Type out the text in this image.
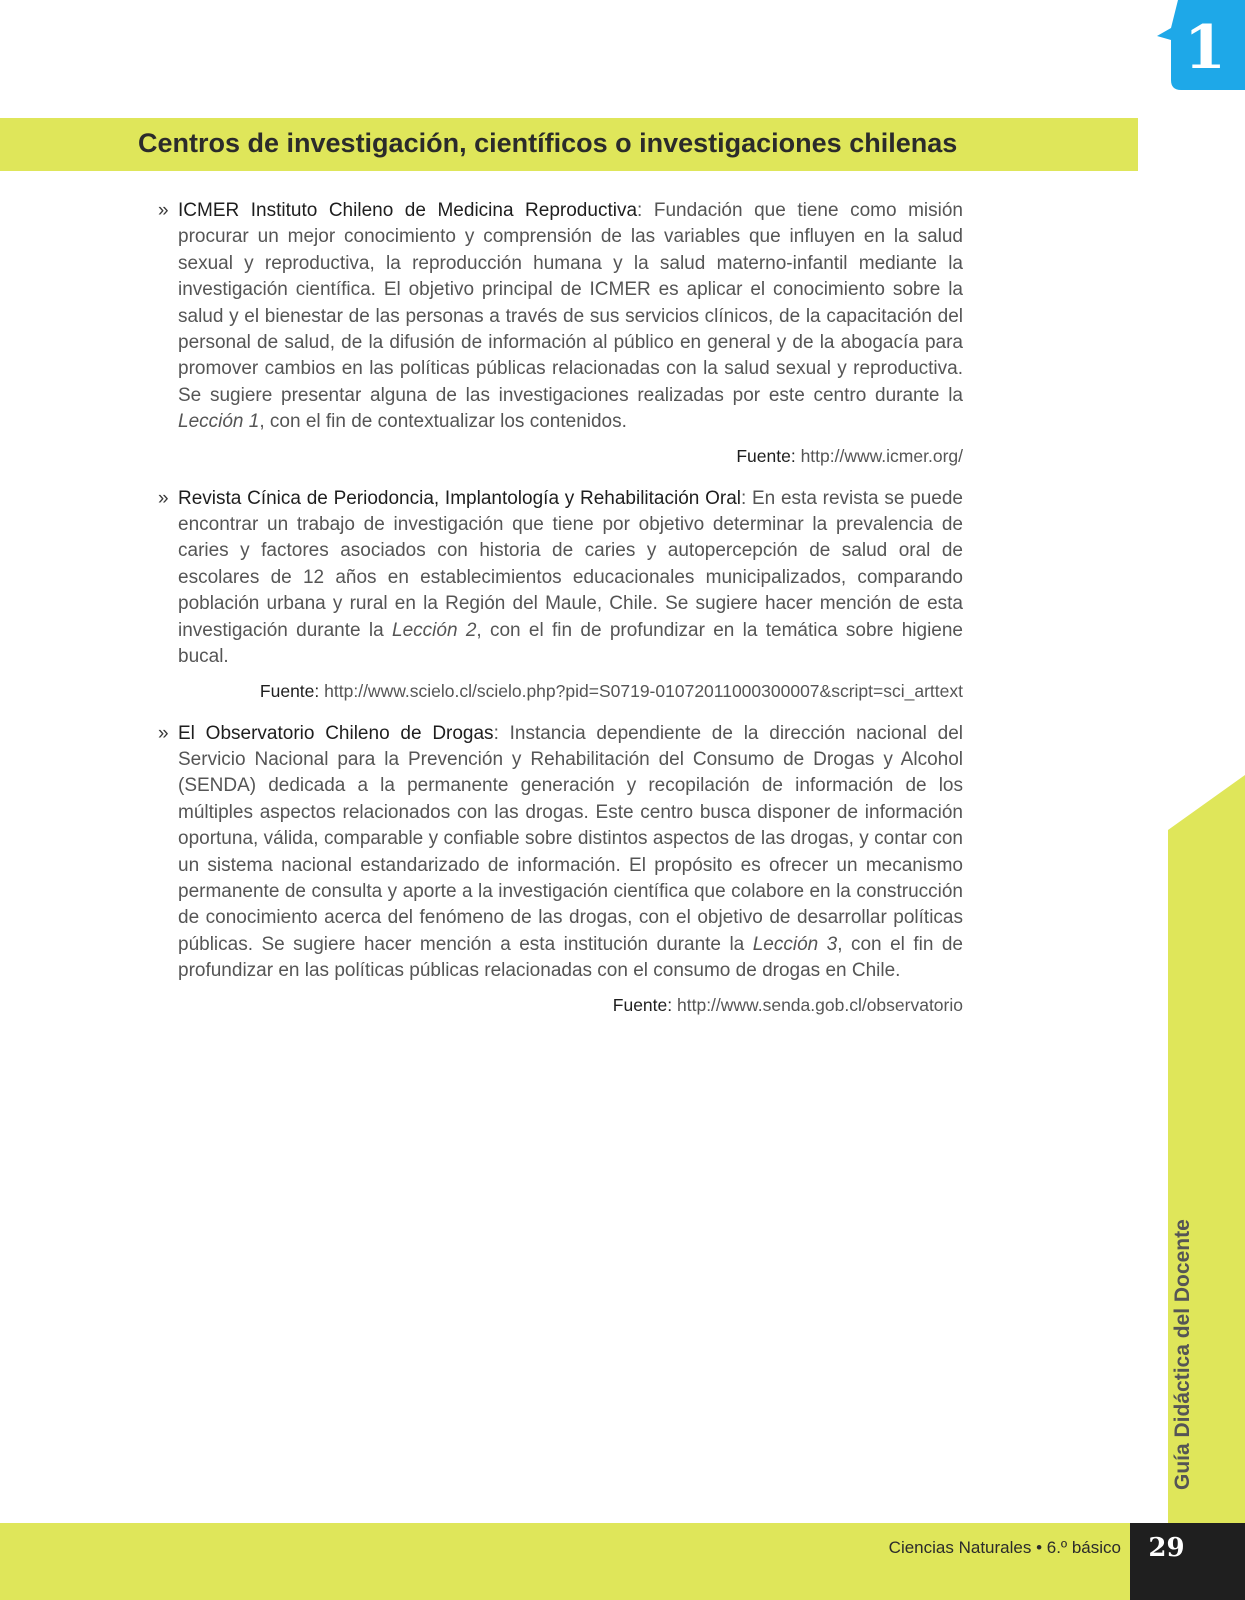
1
Centros de investigación, científicos o investigaciones chilenas
» ICMER Instituto Chileno de Medicina Reproductiva: Fundación que tiene como misión procurar un mejor conocimiento y comprensión de las variables que influyen en la salud sexual y reproductiva, la reproducción humana y la salud materno-infantil mediante la investigación científica. El objetivo principal de ICMER es aplicar el conocimiento sobre la salud y el bienestar de las personas a través de sus servicios clínicos, de la capacitación del personal de salud, de la difusión de información al público en general y de la abogacía para promover cambios en las políticas públicas relacionadas con la salud sexual y reproductiva. Se sugiere presentar alguna de las investigaciones realizadas por este centro durante la Lección 1, con el fin de contextualizar los contenidos.

Fuente: http://www.icmer.org/
» Revista Cínica de Periodoncia, Implantología y Rehabilitación Oral: En esta revista se puede encontrar un trabajo de investigación que tiene por objetivo determinar la prevalencia de caries y factores asociados con historia de caries y autopercepción de salud oral de escolares de 12 años en establecimientos educacionales municipalizados, comparando población urbana y rural en la Región del Maule, Chile. Se sugiere hacer mención de esta investigación durante la Lección 2, con el fin de profundizar en la temática sobre higiene bucal.

Fuente: http://www.scielo.cl/scielo.php?pid=S0719-01072011000300007&script=sci_arttext
» El Observatorio Chileno de Drogas: Instancia dependiente de la dirección nacional del Servicio Nacional para la Prevención y Rehabilitación del Consumo de Drogas y Alcohol (SENDA) dedicada a la permanente generación y recopilación de información de los múltiples aspectos relacionados con las drogas. Este centro busca disponer de información oportuna, válida, comparable y confiable sobre distintos aspectos de las drogas, y contar con un sistema nacional estandarizado de información. El propósito es ofrecer un mecanismo permanente de consulta y aporte a la investigación científica que colabore en la construcción de conocimiento acerca del fenómeno de las drogas, con el objetivo de desarrollar políticas públicas. Se sugiere hacer mención a esta institución durante la Lección 3, con el fin de profundizar en las políticas públicas relacionadas con el consumo de drogas en Chile.

Fuente: http://www.senda.gob.cl/observatorio
Guía Didáctica del Docente
Ciencias Naturales • 6.º básico	29
